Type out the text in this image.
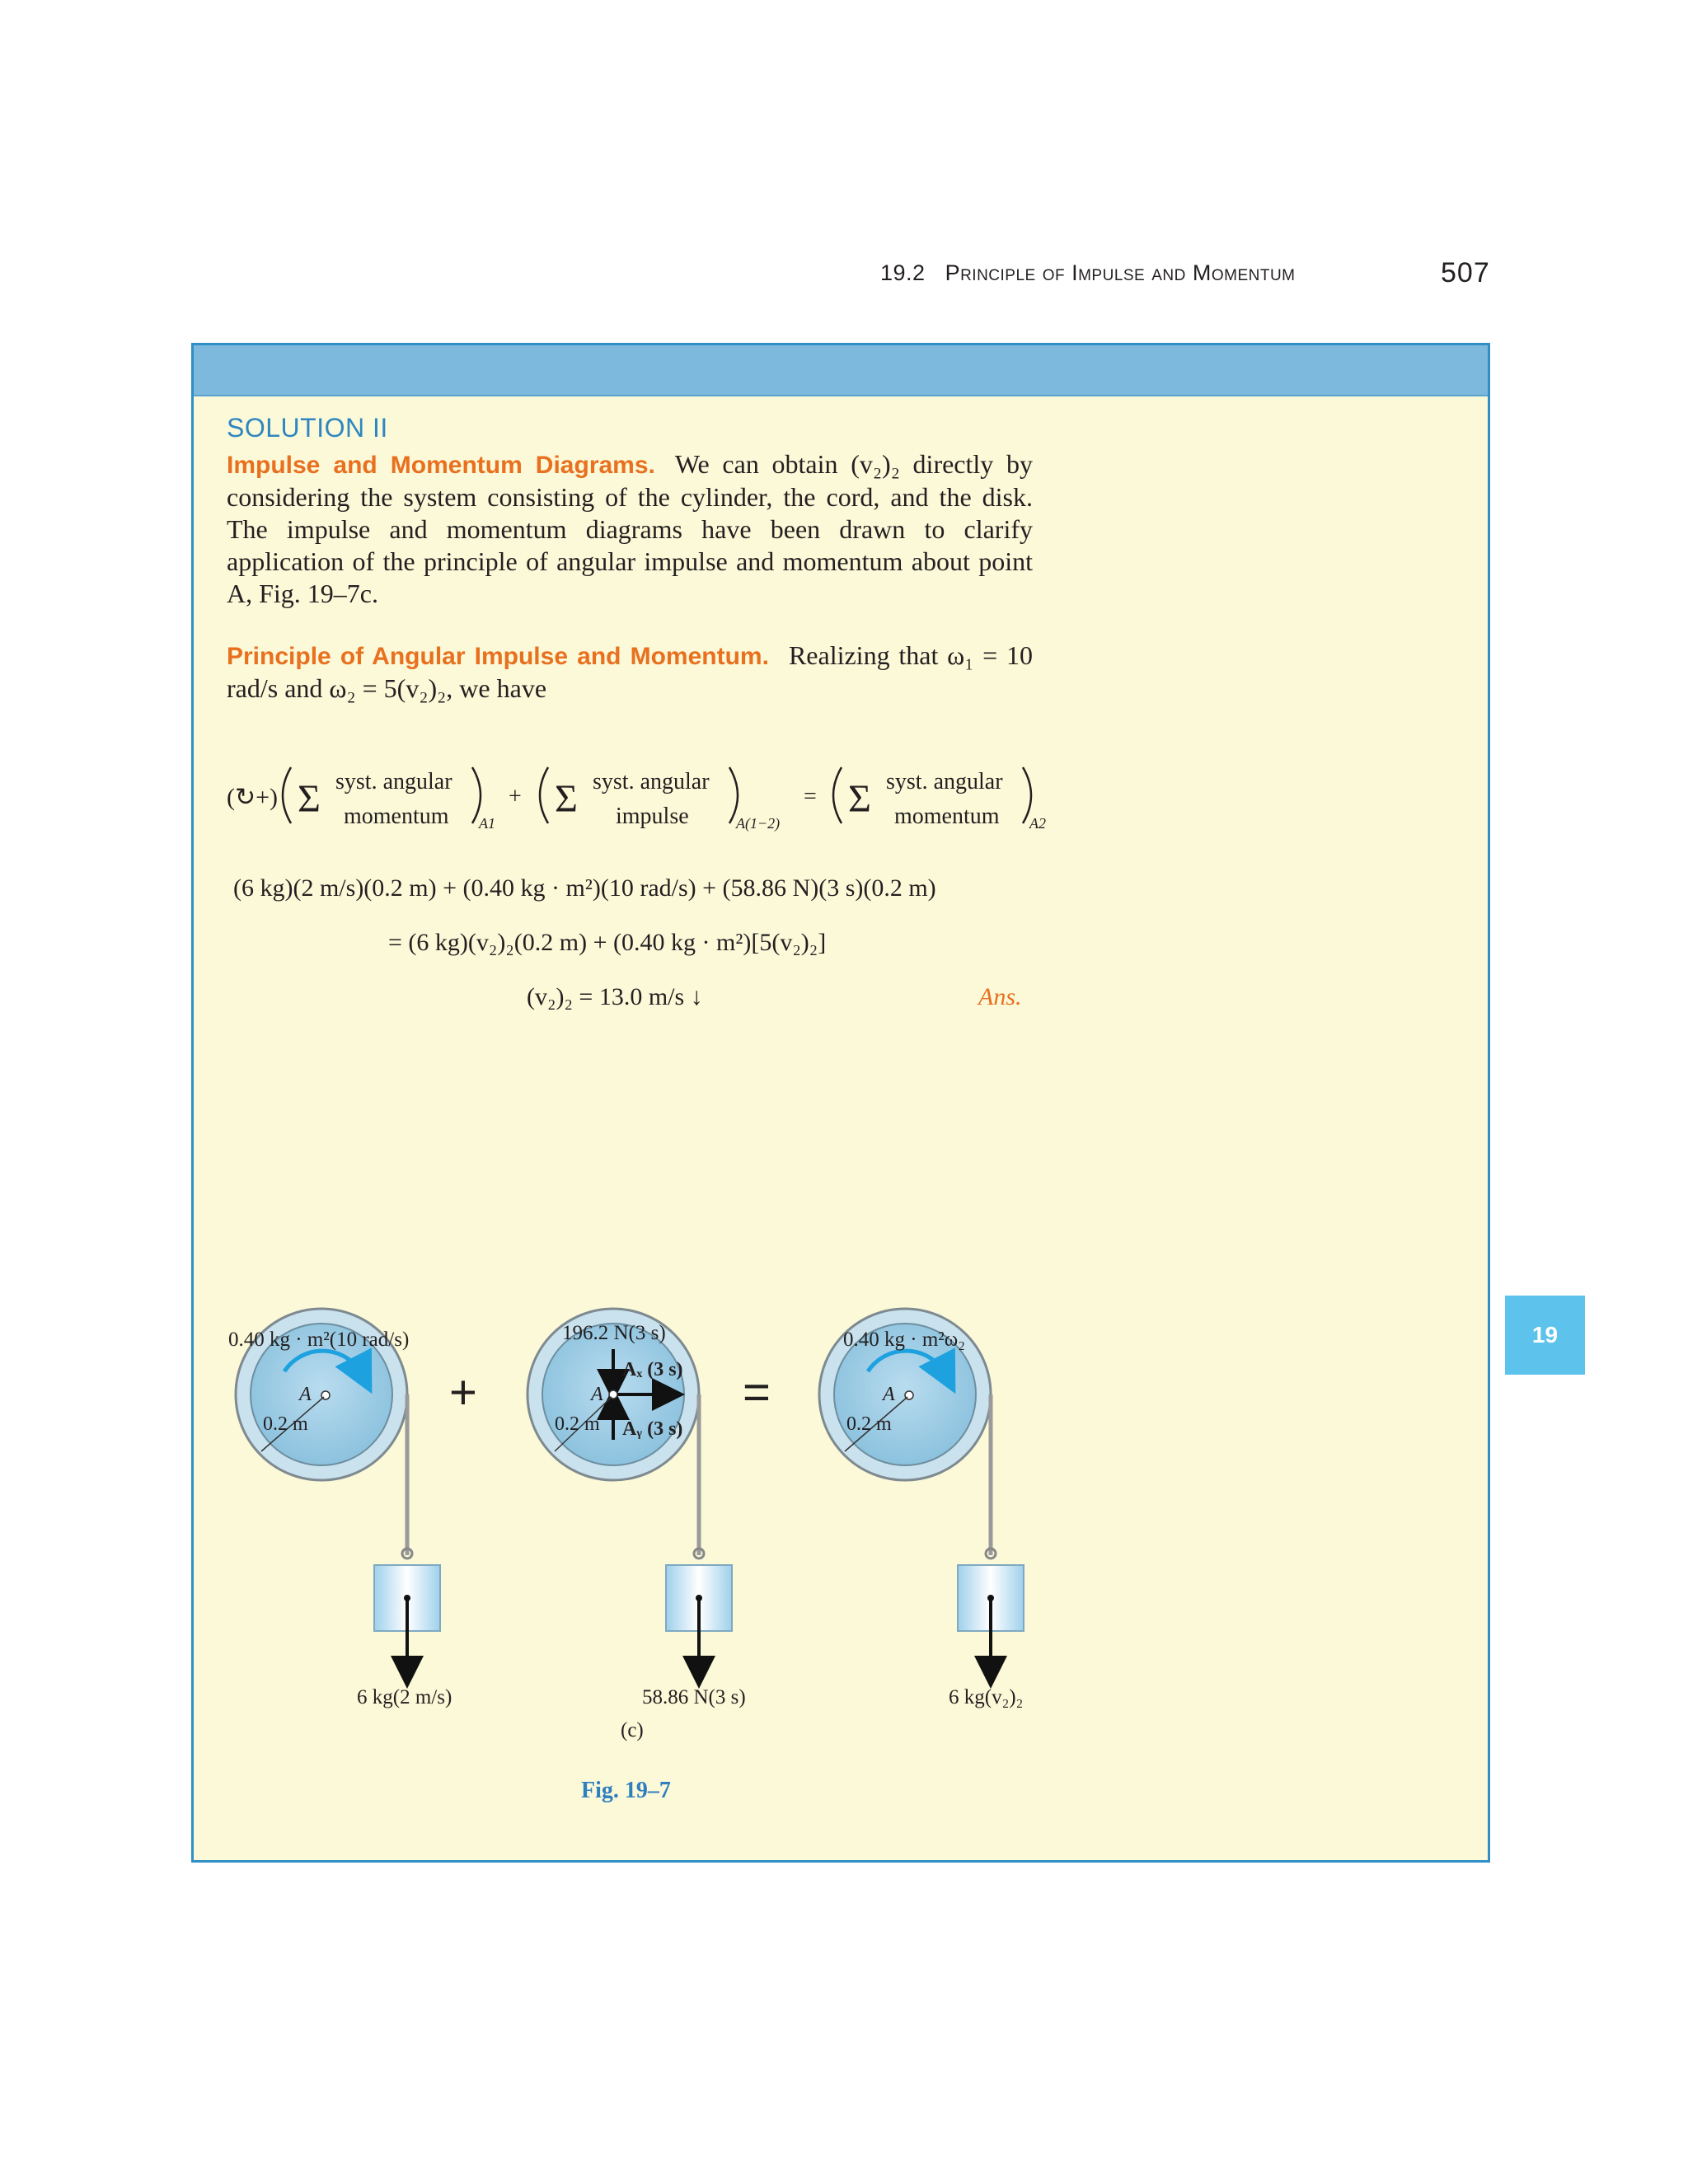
19.2 Principle of Impulse and Momentum	507
SOLUTION II

Impulse and Momentum Diagrams. We can obtain (v₂)₂ directly by considering the system consisting of the cylinder, the cord, and the disk. The impulse and momentum diagrams have been drawn to clarify application of the principle of angular impulse and momentum about point A, Fig. 19–7c.

Principle of Angular Impulse and Momentum. Realizing that ω₁ = 10 rad/s and ω₂ = 5(v₂)₂, we have

(↻+) Σ syst. angular
momentum A1
+ Σ syst. angular
impulse	A(1−2)
= Σ syst. angular
momentum A2
(6 kg)(2 m/s)(0.2 m) + (0.40 kg · m²)(10 rad/s) + (58.86 N)(3 s)(0.2 m)
= (6 kg)(v₂)₂(0.2 m) + (0.40 kg · m²)[5(v₂)₂]
(v₂)₂ = 13.0 m/s ↓	Ans.
A
0.2 m
0.40 kg · m²(10 rad/s)
6 kg(2 m/s)
+	A
0.2 m
196.2 N(3 s)
Aₓ (3 s)
Aᵧ (3 s)
58.86 N(3 s)
(c)
=	A
0.2 m
0.40 kg · m²ω₂
6 kg(v₂)₂
Fig. 19–7
19
